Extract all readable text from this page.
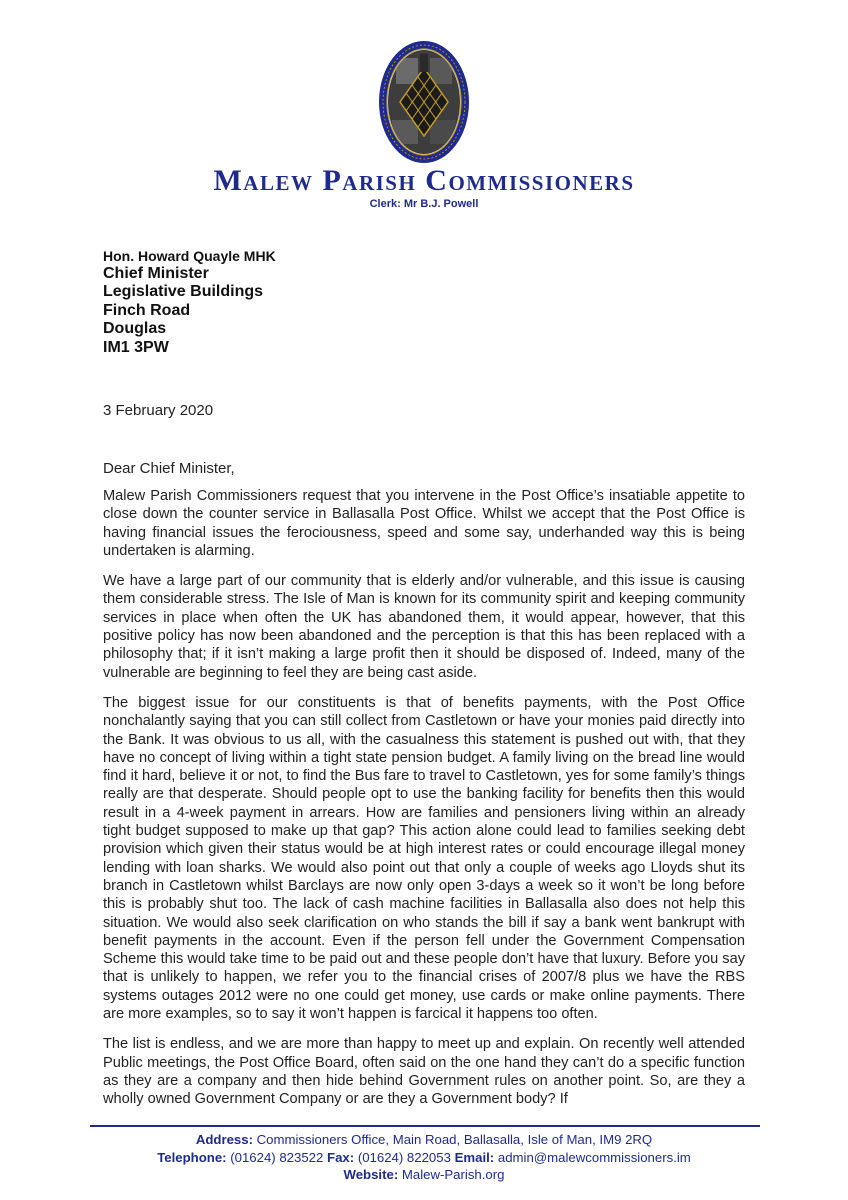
Malew Parish Commissioners
Clerk: Mr B.J. Powell
Hon. Howard Quayle MHK
Chief Minister
Legislative Buildings
Finch Road
Douglas
IM1 3PW
3 February 2020
Dear Chief Minister,

Malew Parish Commissioners request that you intervene in the Post Office’s insatiable appetite to close down the counter service in Ballasalla Post Office. Whilst we accept that the Post Office is having financial issues the ferociousness, speed and some say, underhanded way this is being undertaken is alarming.

We have a large part of our community that is elderly and/or vulnerable, and this issue is causing them considerable stress. The Isle of Man is known for its community spirit and keeping community services in place when often the UK has abandoned them, it would appear, however, that this positive policy has now been abandoned and the perception is that this has been replaced with a philosophy that; if it isn’t making a large profit then it should be disposed of. Indeed, many of the vulnerable are beginning to feel they are being cast aside.

The biggest issue for our constituents is that of benefits payments, with the Post Office nonchalantly saying that you can still collect from Castletown or have your monies paid directly into the Bank. It was obvious to us all, with the casualness this statement is pushed out with, that they have no concept of living within a tight state pension budget. A family living on the bread line would find it hard, believe it or not, to find the Bus fare to travel to Castletown, yes for some family’s things really are that desperate. Should people opt to use the banking facility for benefits then this would result in a 4-week payment in arrears. How are families and pensioners living within an already tight budget supposed to make up that gap? This action alone could lead to families seeking debt provision which given their status would be at high interest rates or could encourage illegal money lending with loan sharks. We would also point out that only a couple of weeks ago Lloyds shut its branch in Castletown whilst Barclays are now only open 3-days a week so it won’t be long before this is probably shut too. The lack of cash machine facilities in Ballasalla also does not help this situation. We would also seek clarification on who stands the bill if say a bank went bankrupt with benefit payments in the account. Even if the person fell under the Government Compensation Scheme this would take time to be paid out and these people don’t have that luxury. Before you say that is unlikely to happen, we refer you to the financial crises of 2007/8 plus we have the RBS systems outages 2012 were no one could get money, use cards or make online payments. There are more examples, so to say it won’t happen is farcical it happens too often.

The list is endless, and we are more than happy to meet up and explain. On recently well attended Public meetings, the Post Office Board, often said on the one hand they can’t do a specific function as they are a company and then hide behind Government rules on another point. So, are they a wholly owned Government Company or are they a Government body? If

Address: Commissioners Office, Main Road, Ballasalla, Isle of Man, IM9 2RQ
Telephone: (01624) 823522 Fax: (01624) 822053 Email: admin@malewcommissioners.im
Website: Malew-Parish.org
